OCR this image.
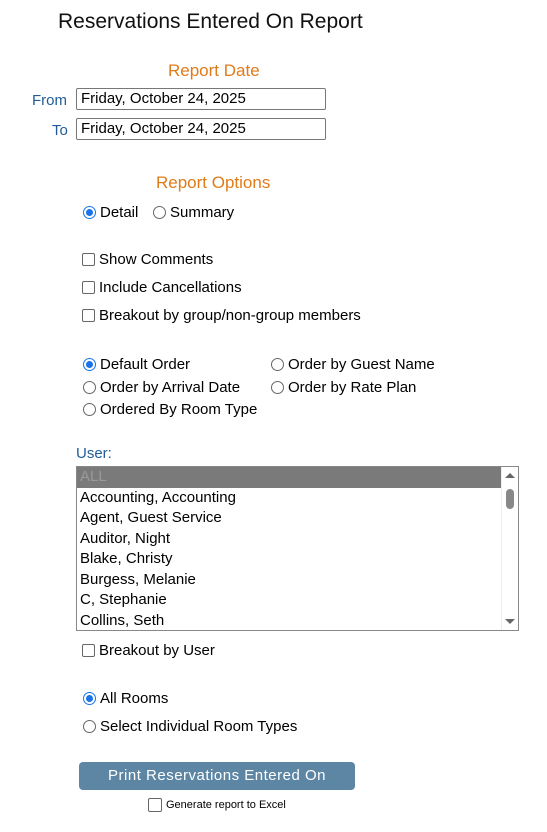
Reservations Entered On Report
Report Date
From Friday, October 24, 2025
To Friday, October 24, 2025
Report Options
Detail Summary
Show Comments
Include Cancellations
Breakout by group/non-group members
Default Order	Order by Guest Name
Order by Arrival Date	Order by Rate Plan
Ordered By Room Type
User:
ALL
Accounting, Accounting
Agent, Guest Service
Auditor, Night
Blake, Christy
Burgess, Melanie
C, Stephanie
Collins, Seth
Breakout by User
All Rooms
Select Individual Room Types
Print Reservations Entered On
Generate report to Excel
